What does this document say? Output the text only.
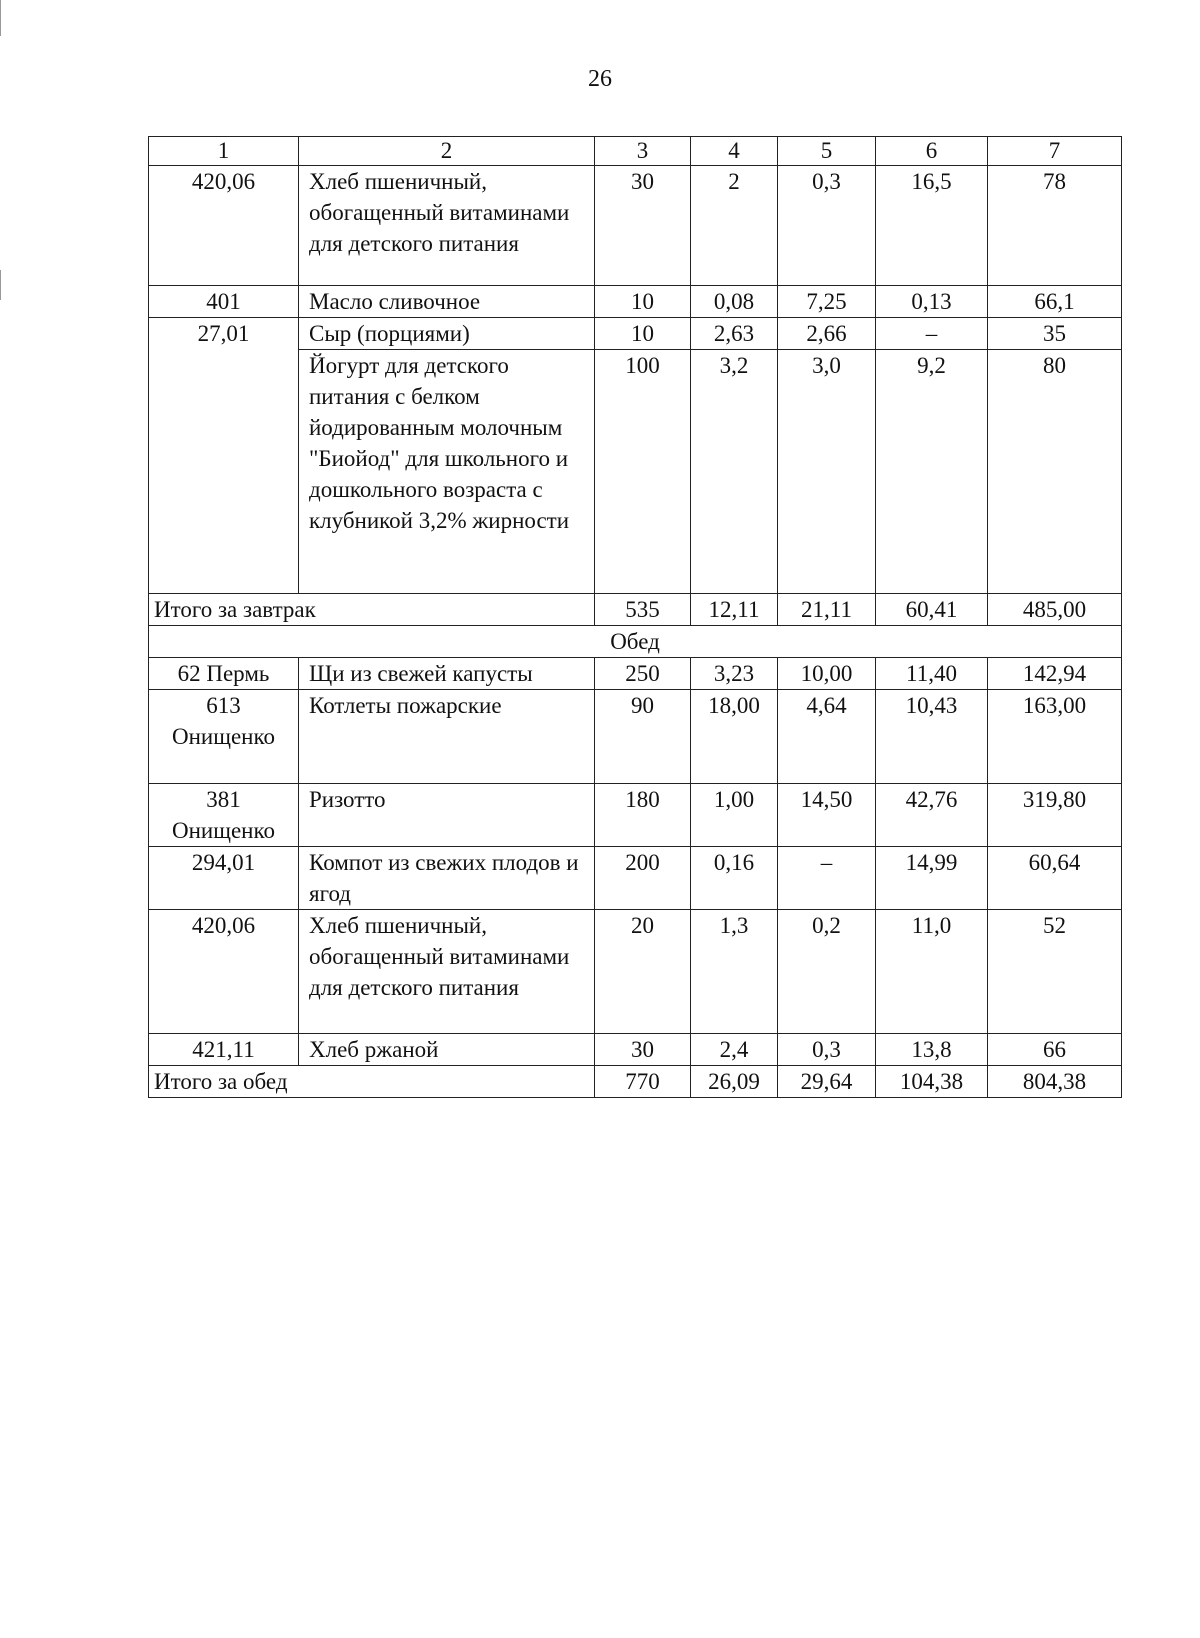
26
1	2	3	4	5	6	7
420,06	Хлеб пшеничный, обогащенный витаминами для детского питания	30	2	0,3	16,5	78
401	Масло сливочное	10	0,08	7,25	0,13	66,1
27,01	Сыр (порциями)	10	2,63	2,66	–	35
	Йогурт для детского питания с белком йодированным молочным "Биойод" для школьного и дошкольного возраста с клубникой 3,2% жирности	100	3,2	3,0	9,2	80
Итого за завтрак		535	12,11	21,11	60,41	485,00
Обед						
62 Пермь	Щи из свежей капусты	250	3,23	10,00	11,40	142,94
613 Онищенко	Котлеты пожарские	90	18,00	4,64	10,43	163,00
381 Онищенко	Ризотто	180	1,00	14,50	42,76	319,80
294,01	Компот из свежих плодов и ягод	200	0,16	–	14,99	60,64
420,06	Хлеб пшеничный, обогащенный витаминами для детского питания	20	1,3	0,2	11,0	52
421,11	Хлеб ржаной	30	2,4	0,3	13,8	66
Итого за обед		770	26,09	29,64	104,38	804,38
